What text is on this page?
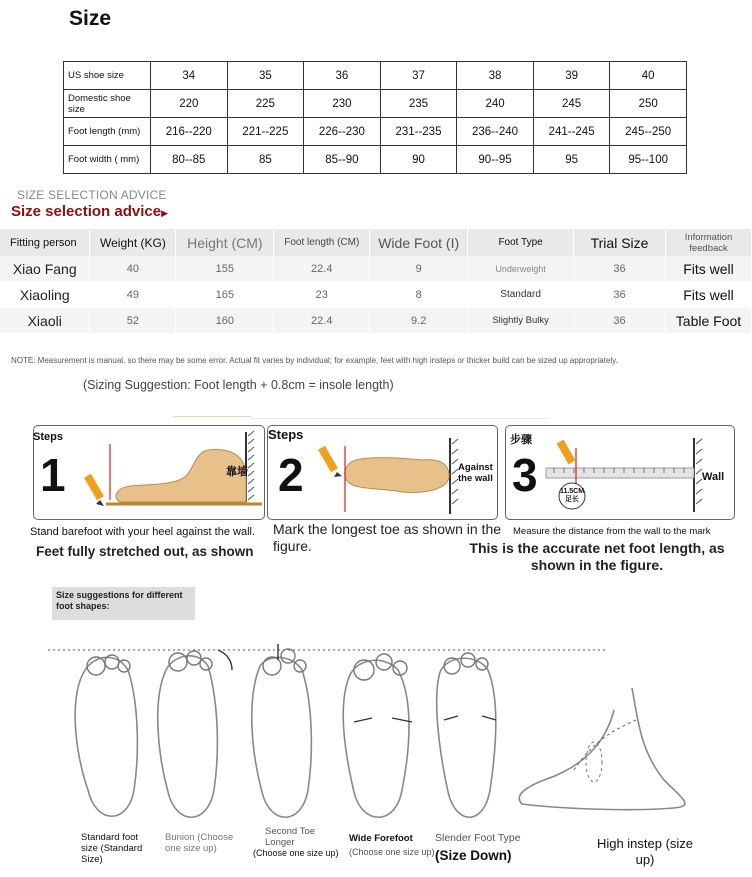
Size
US shoe size	34	35	36	37	38	39	40
Domestic shoe size	220	225	230	235	240	245	250
Foot length (mm)	216--220	221--225	226--230	231--235	236--240	241--245	245--250
Foot width ( mm)	80--85	85	85--90	90	90--95	95	95--100
SIZE SELECTION ADVICE
Size selection advice▶
Fitting person	Weight (KG)	Height (CM)	Foot length (CM)	Wide Foot (I)	Foot Type	Trial Size	Information feedback
Xiao Fang	40	155	22.4	9	Underweight	36	Fits well
Xiaoling	49	165	23	8	Standard	36	Fits well
Xiaoli	52	160	22.4	9.2	Slightly Bulky	36	Table Foot
NOTE: Measurement is manual, so there may be some error. Actual fit varies by individual; for example, feet with high insteps or thicker build can be sized up appropriately.
(Sizing Suggestion: Foot length + 0.8cm = insole length)
Steps
1	靠墙
Stand barefoot with your heel against the wall.
Feet fully stretched out, as shown
Steps
2	Against the wall
Mark the longest toe as shown in the figure.
步骤
3	11.5CM 足长
Wall
Measure the distance from the wall to the mark
This is the accurate net foot length, as shown in the figure.
Size suggestions for different foot shapes:
Standard foot size (Standard Size)
Bunion (Choose one size up)
Second Toe Longer
(Choose one size up)
Wide Forefoot
(Choose one size up)
Slender Foot Type
(Size Down)
High instep (size up)
